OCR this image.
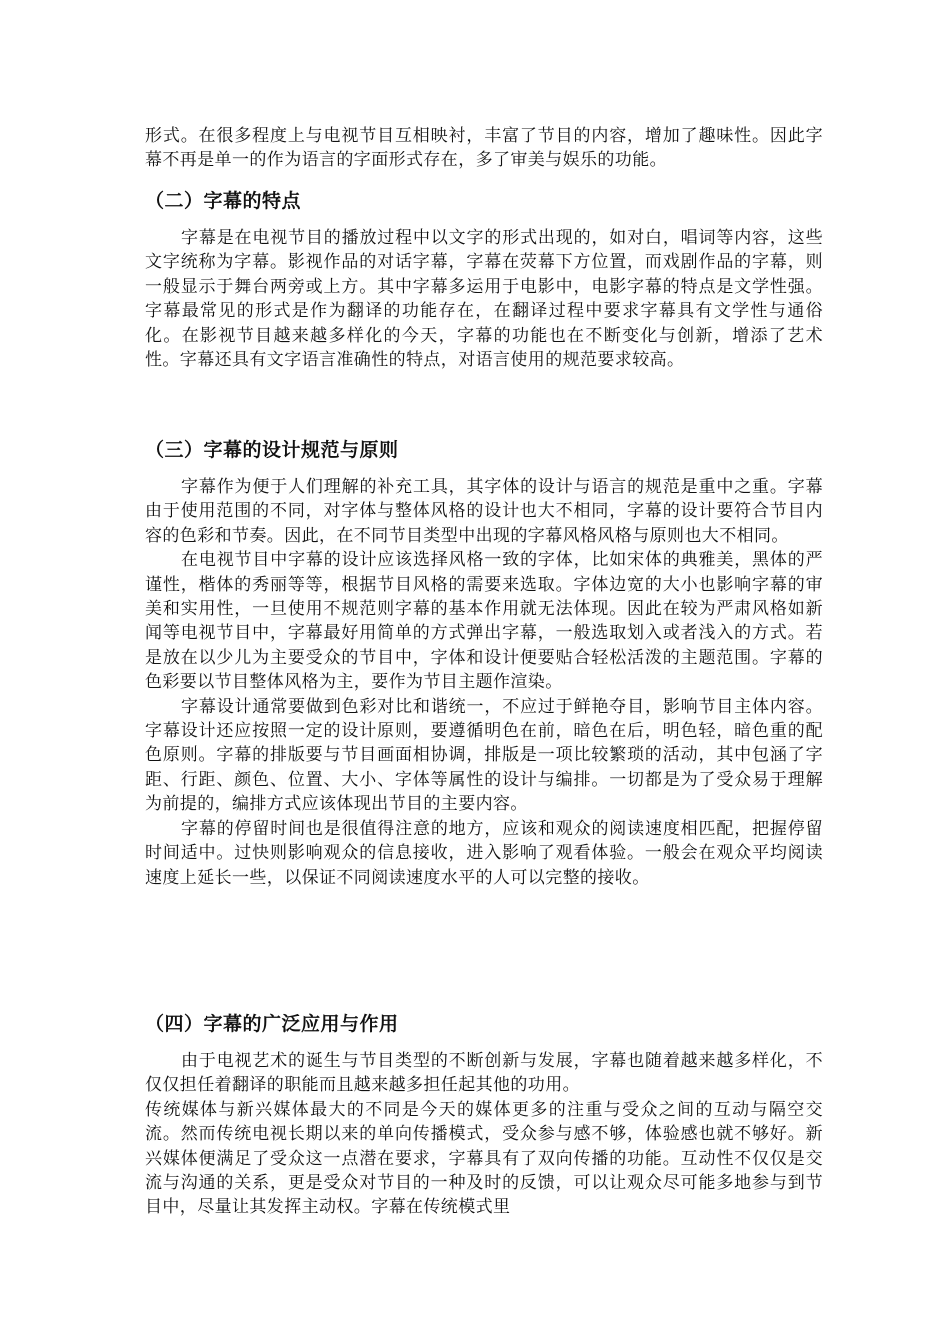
形式。在很多程度上与电视节目互相映衬，丰富了节目的内容，增加了趣味性。因此字幕不再是单一的作为语言的字面形式存在，多了审美与娱乐的功能。

（二）字幕的特点

字幕是在电视节目的播放过程中以文字的形式出现的，如对白，唱词等内容，这些文字统称为字幕。影视作品的对话字幕，字幕在荧幕下方位置，而戏剧作品的字幕，则一般显示于舞台两旁或上方。其中字幕多运用于电影中，电影字幕的特点是文学性强。字幕最常见的形式是作为翻译的功能存在，在翻译过程中要求字幕具有文学性与通俗化。在影视节目越来越多样化的今天，字幕的功能也在不断变化与创新，增添了艺术性。字幕还具有文字语言准确性的特点，对语言使用的规范要求较高。

（三）字幕的设计规范与原则

字幕作为便于人们理解的补充工具，其字体的设计与语言的规范是重中之重。字幕由于使用范围的不同，对字体与整体风格的设计也大不相同，字幕的设计要符合节目内容的色彩和节奏。因此，在不同节目类型中出现的字幕风格风格与原则也大不相同。

在电视节目中字幕的设计应该选择风格一致的字体，比如宋体的典雅美，黑体的严谨性，楷体的秀丽等等，根据节目风格的需要来选取。字体边宽的大小也影响字幕的审美和实用性，一旦使用不规范则字幕的基本作用就无法体现。因此在较为严肃风格如新闻等电视节目中，字幕最好用简单的方式弹出字幕，一般选取划入或者浅入的方式。若是放在以少儿为主要受众的节目中，字体和设计便要贴合轻松活泼的主题范围。字幕的色彩要以节目整体风格为主，要作为节目主题作渲染。

字幕设计通常要做到色彩对比和谐统一，不应过于鲜艳夺目，影响节目主体内容。字幕设计还应按照一定的设计原则，要遵循明色在前，暗色在后，明色轻，暗色重的配色原则。字幕的排版要与节目画面相协调，排版是一项比较繁琐的活动，其中包涵了字距、行距、颜色、位置、大小、字体等属性的设计与编排。一切都是为了受众易于理解为前提的，编排方式应该体现出节目的主要内容。

字幕的停留时间也是很值得注意的地方，应该和观众的阅读速度相匹配，把握停留时间适中。过快则影响观众的信息接收，进入影响了观看体验。一般会在观众平均阅读速度上延长一些，以保证不同阅读速度水平的人可以完整的接收。

（四）字幕的广泛应用与作用

由于电视艺术的诞生与节目类型的不断创新与发展，字幕也随着越来越多样化，不仅仅担任着翻译的职能而且越来越多担任起其他的功用。

传统媒体与新兴媒体最大的不同是今天的媒体更多的注重与受众之间的互动与隔空交流。然而传统电视长期以来的单向传播模式，受众参与感不够，体验感也就不够好。新兴媒体便满足了受众这一点潜在要求，字幕具有了双向传播的功能。互动性不仅仅是交流与沟通的关系，更是受众对节目的一种及时的反馈，可以让观众尽可能多地参与到节目中，尽量让其发挥主动权。字幕在传统模式里
